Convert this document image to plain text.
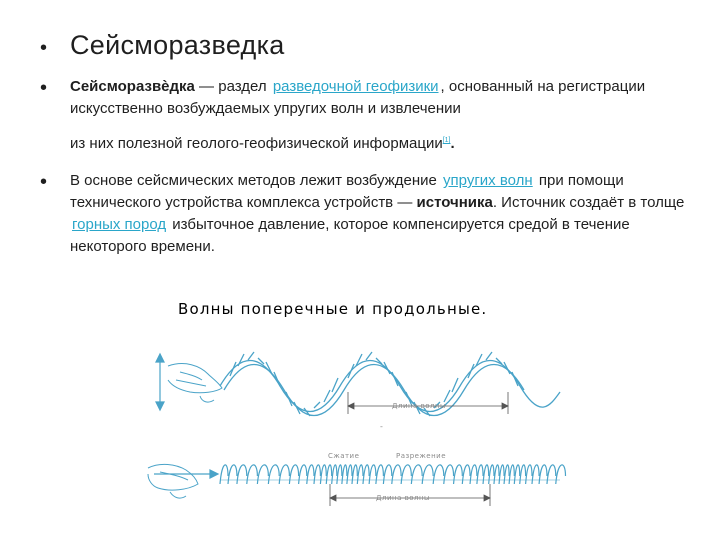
• Сейсморазведка
• Сейсморазвѐдка — раздел разведочной геофизики , основанный на регистрации искусственно возбуждаемых упругих волн и извлечении
из них полезной геолого-геофизической информации[1].
• В основе сейсмических методов лежит возбуждение упругих волн при помощи технического устройства комплекса устройств — источника. Источник создаёт в толще горных пород избыточное давление, которое компенсируется средой в течение некоторого времени.
Волны поперечные и продольные.
-
Длина волны
Сжатие	Разрежение
Длина волны
